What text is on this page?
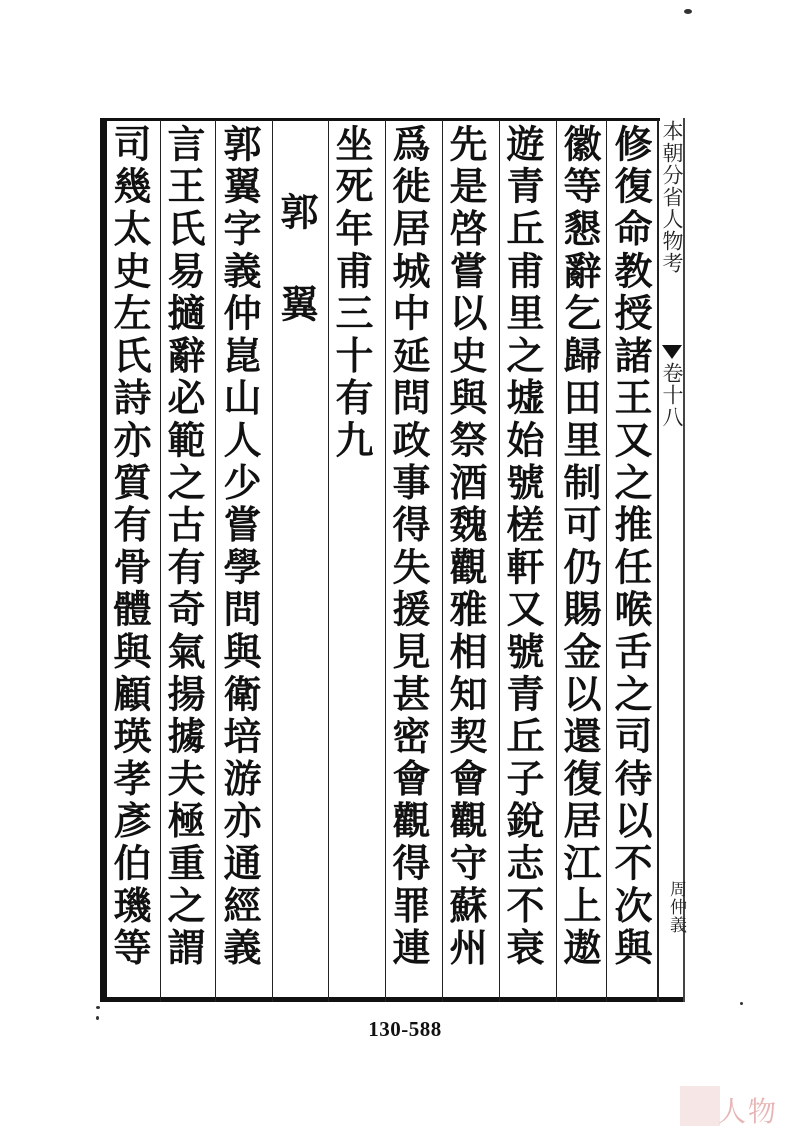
本朝分省人物考
卷十八
周仲義
修復命教授諸王又之推任喉舌之司待以不次與
徽等懇辭乞歸田里制可仍賜金以還復居江上遨
遊青丘甫里之墟始號槎軒又號青丘子銳志不衰
先是啓嘗以史與祭酒魏觀雅相知契會觀守蘇州
爲徙居城中延問政事得失援見甚密會觀得罪連
坐死年甫三十有九
郭　翼
郭翼字義仲崑山人少嘗學問與衛培游亦通經義
言王氏易擿辭必範之古有奇氣揚㩀夫極重之謂
司幾太史左氏詩亦質有骨體與顧瑛孝彥伯璣等
130-588
人物
